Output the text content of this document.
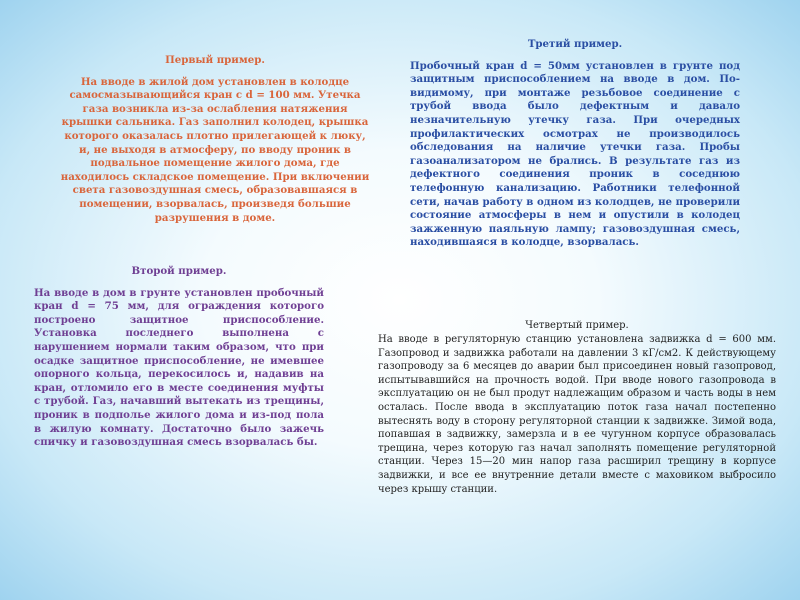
Первый пример.
На вводе в жилой дом установлен в колодце самосмазывающийся кран с d = 100 мм. Утечка газа возникла из-за ослабления натяжения крышки сальника. Газ заполнил колодец, крышка которого оказалась плотно прилегающей к люку, и, не выходя в атмосферу, по вводу проник в подвальное помещение жилого дома, где находилось складское помещение. При включении света газовоздушная смесь, образовавшаяся в помещении, взорвалась, произведя большие разрушения в доме.
Второй пример.
На вводе в дом в грунте установлен пробочный кран d = 75 мм, для ограждения которого построено защитное приспособление. Установка последнего выполнена с нарушением нормали таким образом, что при осадке защитное приспособление, не имевшее опорного кольца, перекосилось и, надавив на кран, отломило его в месте соединения муфты с трубой. Газ, начавший вытекать из трещины, проник в подполье жилого дома и из-под пола в жилую комнату. Достаточно было зажечь спичку и газовоздушная смесь взорвалась бы.
Третий пример.
Пробочный кран d = 50мм установлен в грунте под защитным приспособлением на вводе в дом. По-видимому, при монтаже резьбовое соединение с трубой ввода было дефектным и давало незначительную утечку газа. При очередных профилактических осмотрах не производилось обследования на наличие утечки газа. Пробы газоанализатором не брались. В результате газ из дефектного соединения проник в соседнюю телефонную канализацию. Работники телефонной сети, начав работу в одном из колодцев, не проверили состояние атмосферы в нем и опустили в колодец зажженную паяльную лампу; газовоздушная смесь, находившаяся в колодце, взорвалась.
Четвертый пример.
На вводе в регуляторную станцию установлена задвижка d = 600 мм. Газопровод и задвижка работали на давлении 3 кГ/см2. К действующему газопроводу за 6 месяцев до аварии был присоединен новый газопровод, испытывавшийся на прочность водой. При вводе нового газопровода в эксплуатацию он не был продут надлежащим образом и часть воды в нем осталась. После ввода в эксплуатацию поток газа начал постепенно вытеснять воду в сторону регуляторной станции к задвижке. Зимой вода, попавшая в задвижку, замерзла и в ее чугунном корпусе образовалась трещина, через которую газ начал заполнять помещение регуляторной станции. Через 15—20 мин напор газа расширил трещину в корпусе задвижки, и все ее внутренние детали вместе с маховиком выбросило через крышу станции.
